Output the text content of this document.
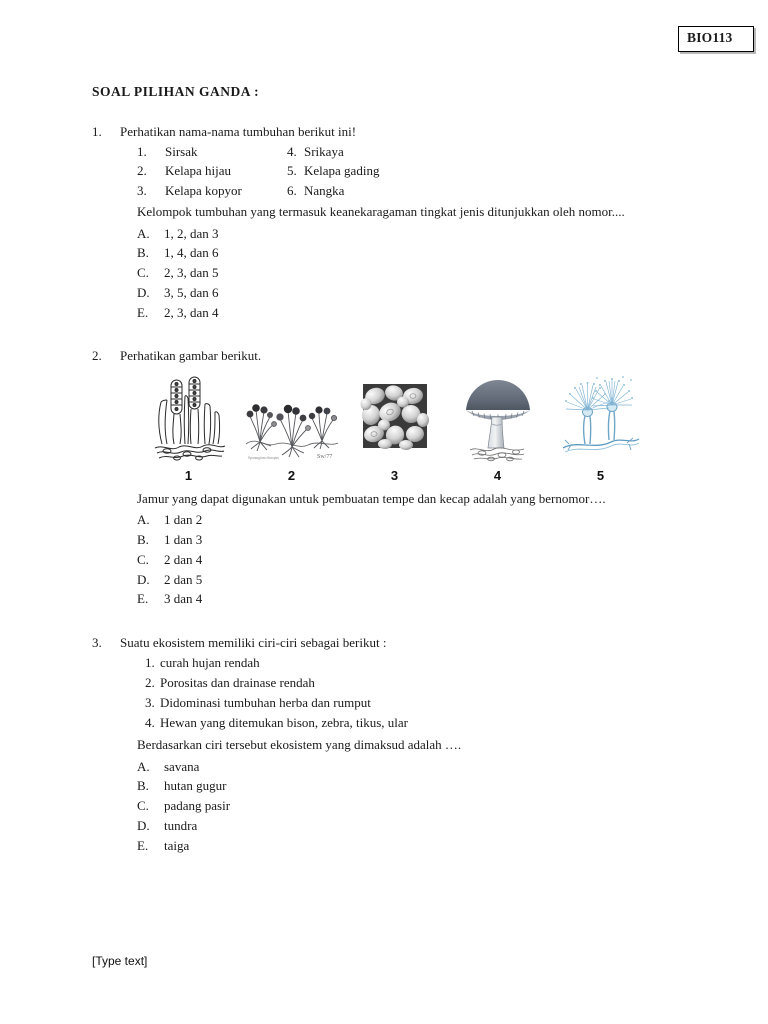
BIO113
SOAL PILIHAN GANDA :
1.	Perhatikan nama-nama tumbuhan berikut ini!
1.	Sirsak	4. Srikaya
2.	Kelapa hijau	5. Kelapa gading
3.	Kelapa kopyor	6. Nangka
Kelompok tumbuhan yang termasuk keanekaragaman tingkat jenis ditunjukkan oleh nomor....
A.	1, 2, dan 3
B.	1, 4, dan 6
C.	2, 3, dan 5
D.	3, 5, dan 6
E.	2, 3, dan 4
2.	Perhatikan gambar berikut.
1
Sw/77
Sporangium rhizopus
2	3	4	5
Jamur yang dapat digunakan untuk pembuatan tempe dan kecap adalah yang bernomor….
A.	1 dan 2
B.	1 dan 3
C.	2 dan 4
D.	2 dan 5
E.	3 dan 4
3.	Suatu ekosistem memiliki ciri-ciri sebagai berikut :
1. curah hujan rendah
2. Porositas dan drainase rendah
3. Didominasi tumbuhan herba dan rumput
4. Hewan yang ditemukan bison, zebra, tikus, ular
Berdasarkan ciri tersebut ekosistem yang dimaksud adalah ….
A.	savana
B.	hutan gugur
C.	padang pasir
D.	tundra
E.	taiga
[Type text]
